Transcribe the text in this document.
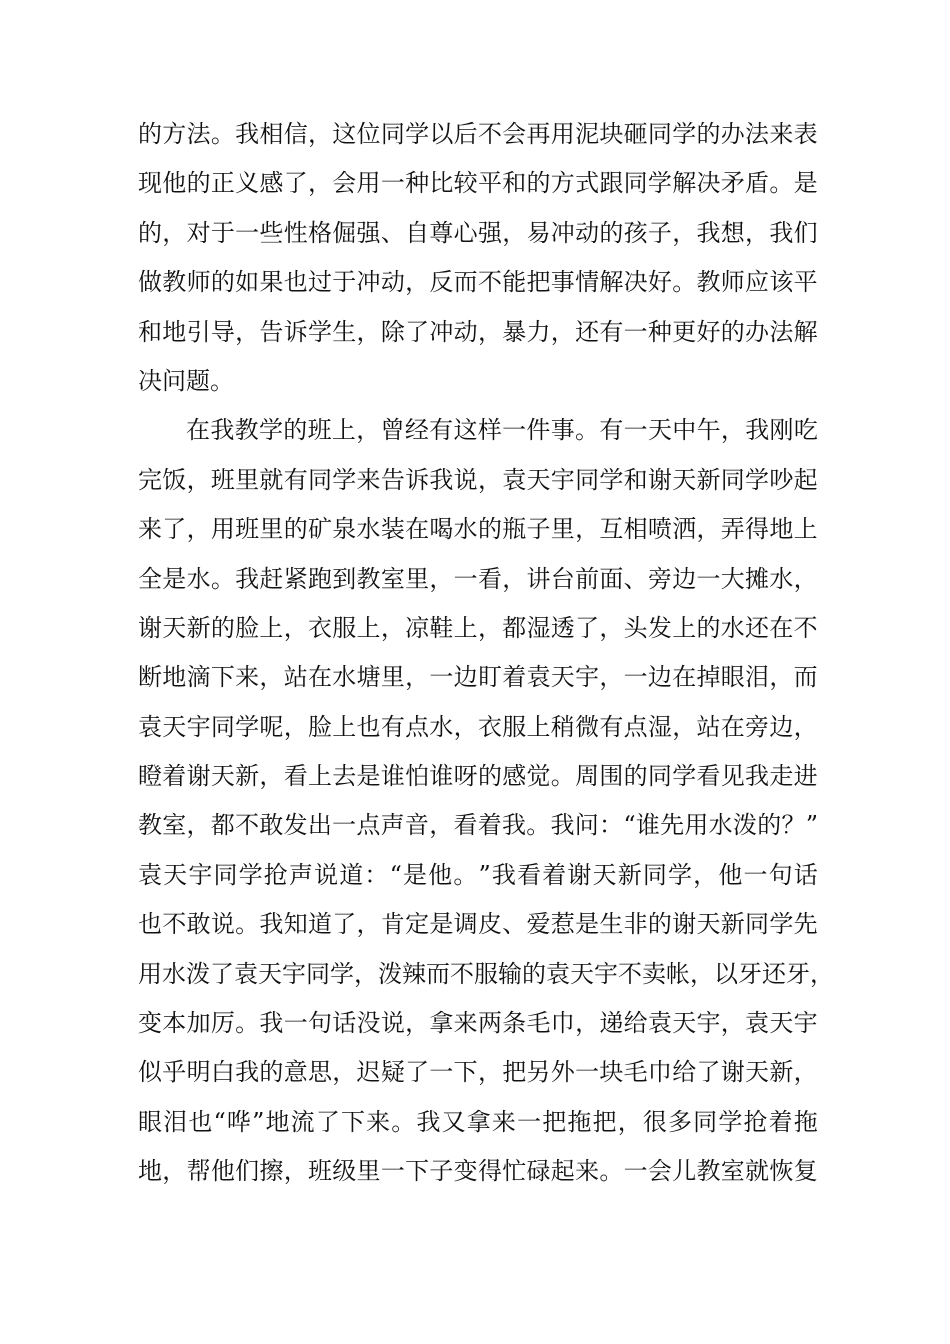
的 方 法 。 我 相 信 ， 这 位 同 学 以 后 不 会 再 用 泥 块 砸 同 学 的 办 法 来 表
现 他 的 正 义 感 了 ， 会 用 一 种 比 较 平 和 的 方 式 跟 同 学 解 决 矛 盾 。 是
的 ， 对 于 一 些 性 格 倔 强 、 自 尊 心 强 ， 易 冲 动 的 孩 子 ， 我 想 ， 我 们
做 教 师 的 如 果 也 过 于 冲 动 ， 反 而 不 能 把 事 情 解 决 好 。 教 师 应 该 平
和 地 引 导 ， 告 诉 学 生 ， 除 了 冲 动 ， 暴 力 ， 还 有 一 种 更 好 的 办 法 解
决 问 题 。
在 我 教 学 的 班 上 ， 曾 经 有 这 样 一 件 事 。 有 一 天 中 午 ， 我 刚 吃
完 饭 ， 班 里 就 有 同 学 来 告 诉 我 说 ， 袁 天 宇 同 学 和 谢 天 新 同 学 吵 起
来 了 ， 用 班 里 的 矿 泉 水 装 在 喝 水 的 瓶 子 里 ， 互 相 喷 洒 ， 弄 得 地 上
全 是 水 。 我 赶 紧 跑 到 教 室 里 ， 一 看 ， 讲 台 前 面 、 旁 边 一 大 摊 水 ，
谢 天 新 的 脸 上 ， 衣 服 上 ， 凉 鞋 上 ， 都 湿 透 了 ， 头 发 上 的 水 还 在 不
断 地 滴 下 来 ， 站 在 水 塘 里 ， 一 边 盯 着 袁 天 宇 ， 一 边 在 掉 眼 泪 ， 而
袁 天 宇 同 学 呢 ， 脸 上 也 有 点 水 ， 衣 服 上 稍 微 有 点 湿 ， 站 在 旁 边 ，
瞪 着 谢 天 新 ， 看 上 去 是 谁 怕 谁 呀 的 感 觉 。 周 围 的 同 学 看 见 我 走 进
教 室 ， 都 不 敢 发 出 一 点 声 音 ， 看 着 我 。 我 问 ： “ 谁 先 用 水 泼 的 ？ ”
袁 天 宇 同 学 抢 声 说 道 ： “ 是 他 。 ” 我 看 着 谢 天 新 同 学 ， 他 一 句 话
也 不 敢 说 。 我 知 道 了 ， 肯 定 是 调 皮 、 爱 惹 是 生 非 的 谢 天 新 同 学 先
用 水 泼 了 袁 天 宇 同 学 ， 泼 辣 而 不 服 输 的 袁 天 宇 不 卖 帐 ， 以 牙 还 牙 ，
变 本 加 厉 。 我 一 句 话 没 说 ， 拿 来 两 条 毛 巾 ， 递 给 袁 天 宇 ， 袁 天 宇
似 乎 明 白 我 的 意 思 ， 迟 疑 了 一 下 ， 把 另 外 一 块 毛 巾 给 了 谢 天 新 ，
眼 泪 也 “ 哗 ” 地 流 了 下 来 。 我 又 拿 来 一 把 拖 把 ， 很 多 同 学 抢 着 拖
地 ， 帮 他 们 擦 ， 班 级 里 一 下 子 变 得 忙 碌 起 来 。 一 会 儿 教 室 就 恢 复
